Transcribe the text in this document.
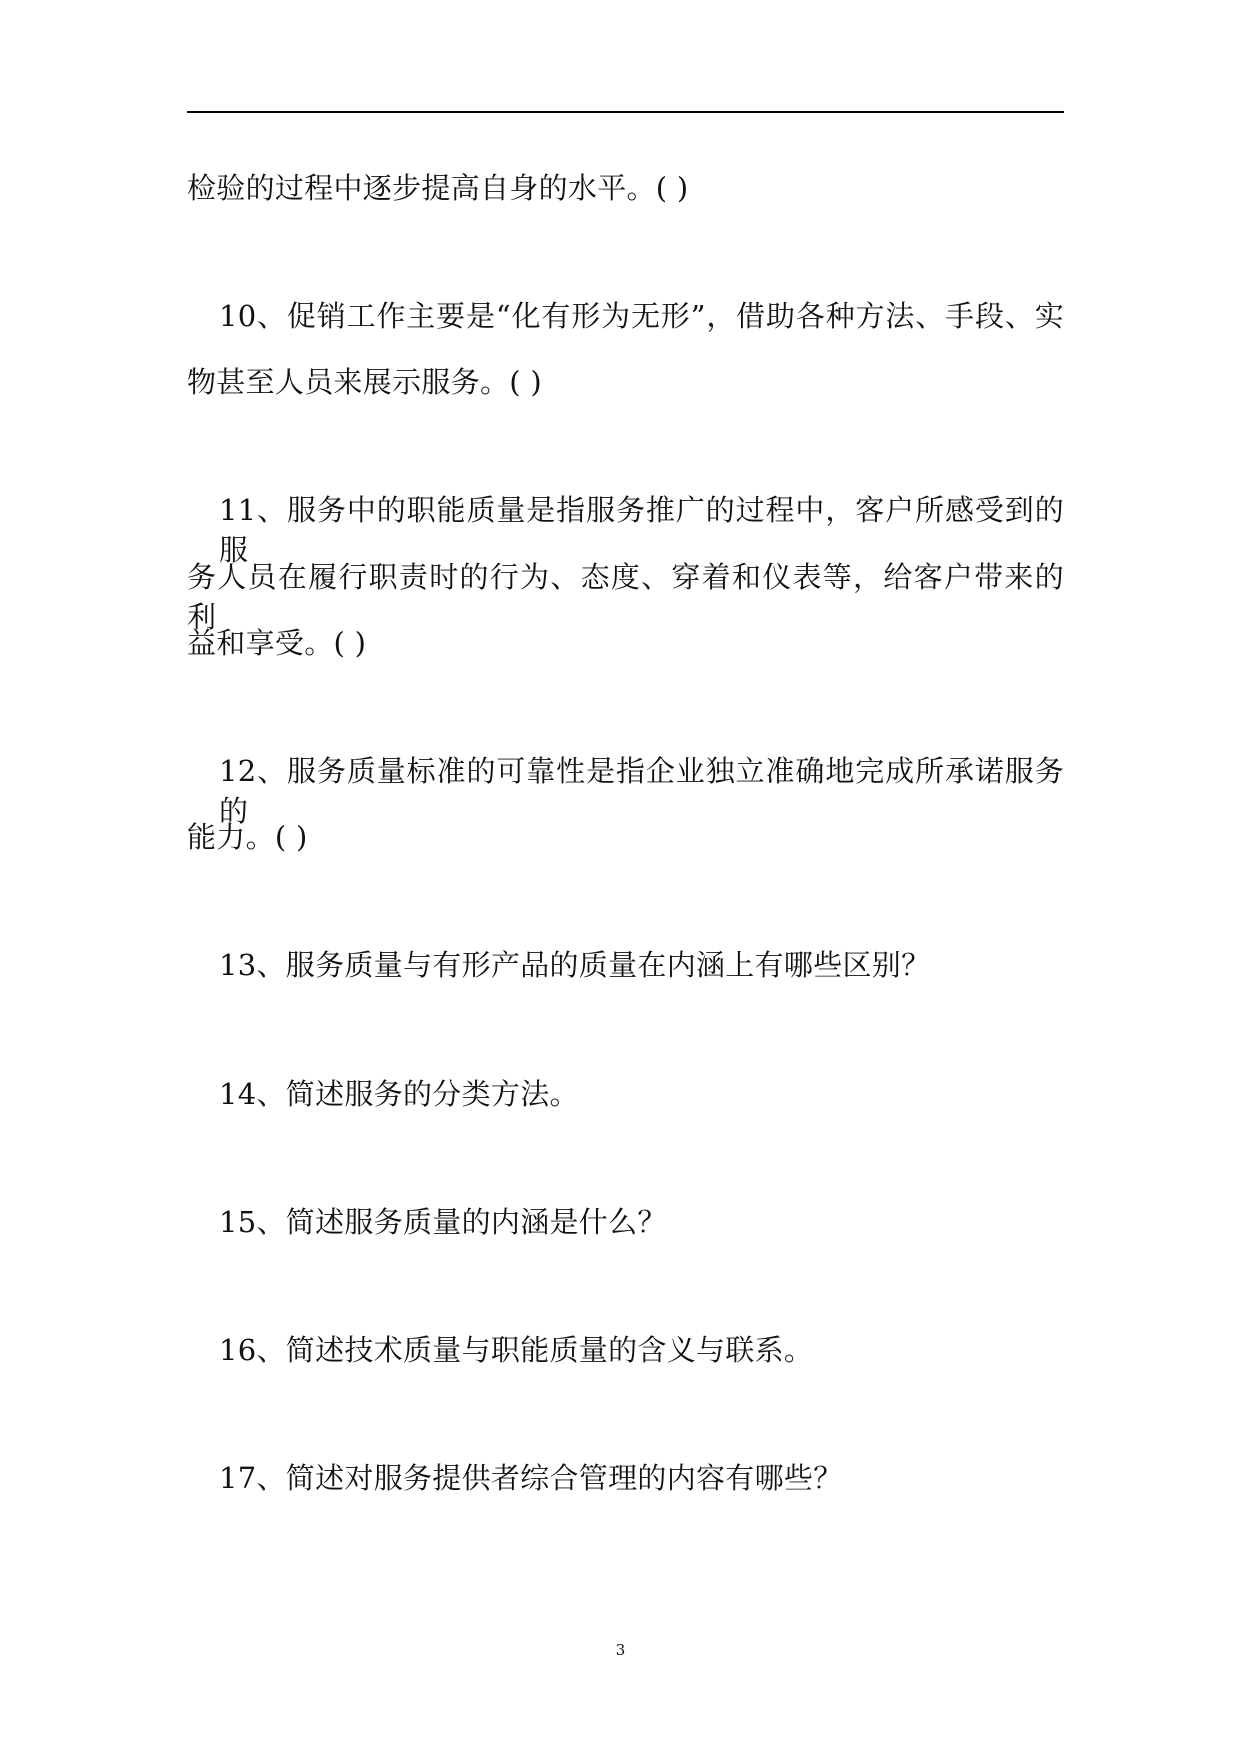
检验的过程中逐步提高自身的水平。( )
10、促销工作主要是“化有形为无形”，借助各种方法、手段、实
物甚至人员来展示服务。( )
11、服务中的职能质量是指服务推广的过程中，客户所感受到的服
务人员在履行职责时的行为、态度、穿着和仪表等，给客户带来的利
益和享受。( )
12、服务质量标准的可靠性是指企业独立准确地完成所承诺服务的
能力。( )
13、服务质量与有形产品的质量在内涵上有哪些区别？
14、简述服务的分类方法。
15、简述服务质量的内涵是什么？
16、简述技术质量与职能质量的含义与联系。
17、简述对服务提供者综合管理的内容有哪些？
3
